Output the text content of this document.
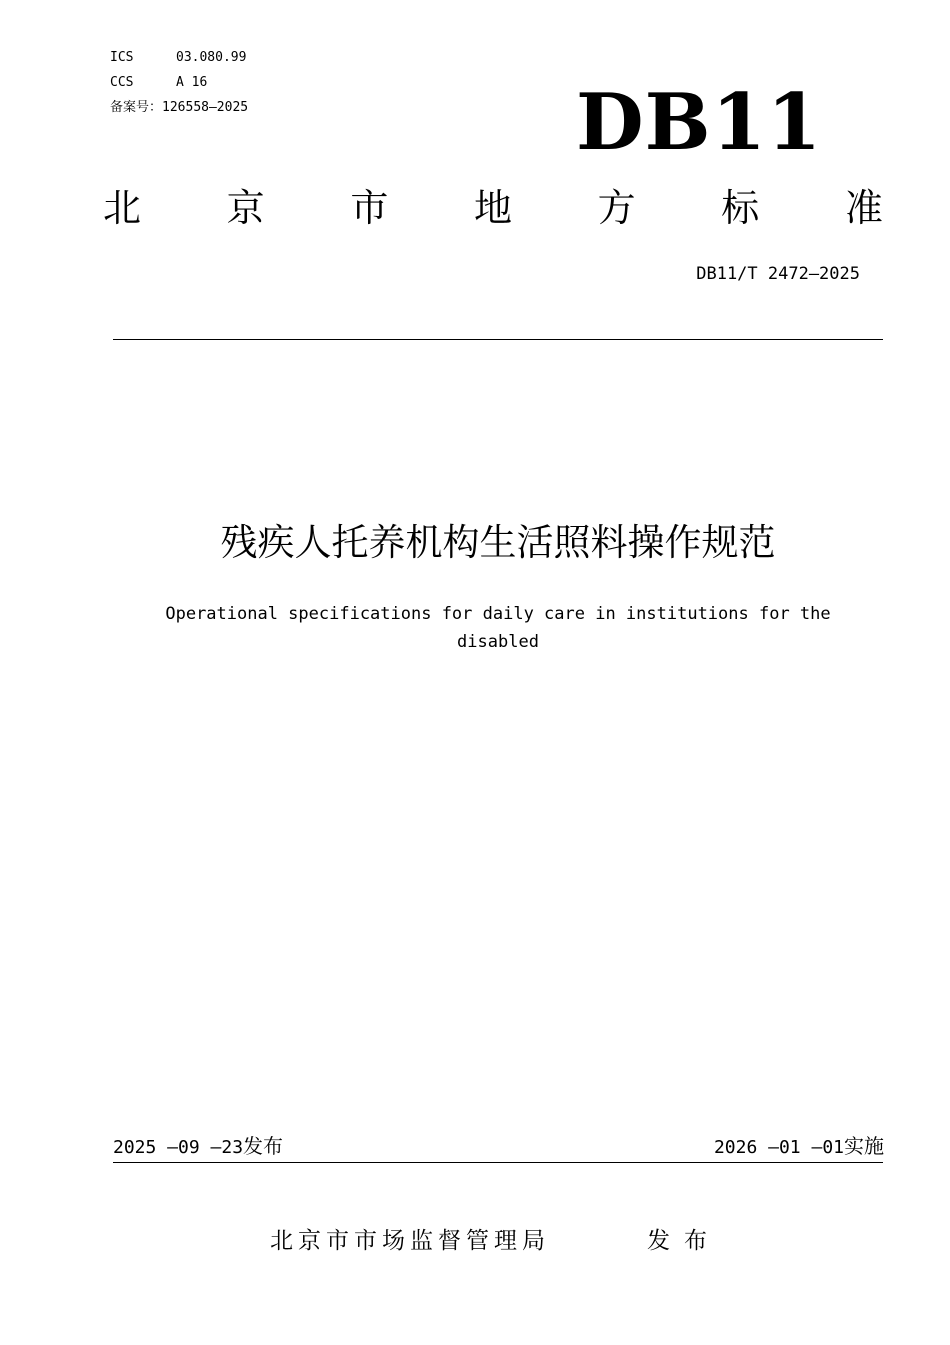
ICS	03.080.99
CCS	A 16
备案号：126558—2025	DB11
北 京 市 地 方 标 准
DB11/T 2472—2025
残疾人托养机构生活照料操作规范
Operational specifications for daily care in institutions for the
disabled
2025 —09 —23发布	2026 —01 —01实施
北京市市场监督管理局	发布
